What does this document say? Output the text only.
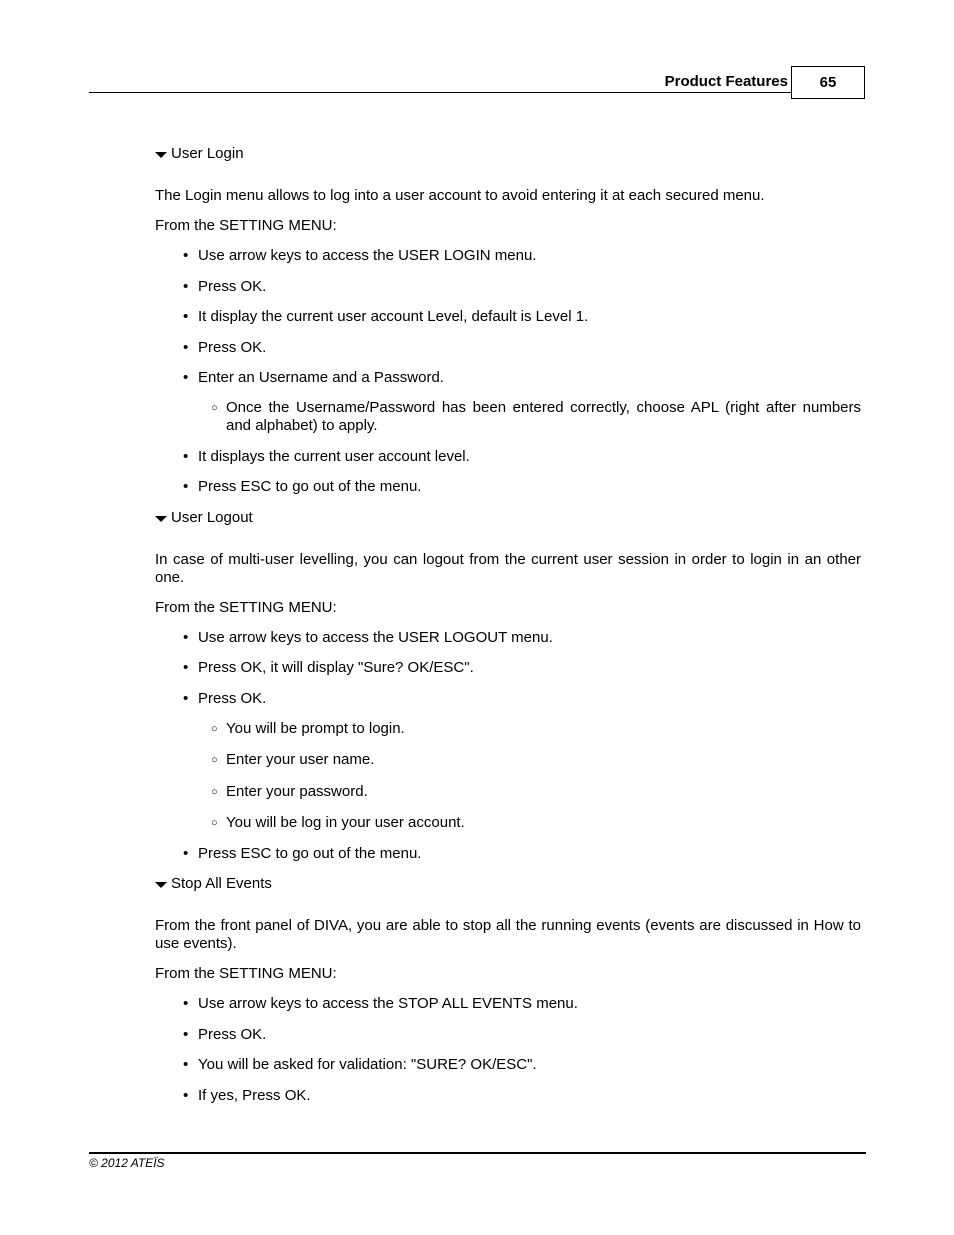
Product Features 65
User Login

The Login menu allows to log into a user account to avoid entering it at each secured menu.

From the SETTING MENU:

• Use arrow keys to access the USER LOGIN menu.
• Press OK.
• It display the current user account Level, default is Level 1.
• Press OK.
• Enter an Username and a Password.
○ Once the Username/Password has been entered correctly, choose APL (right after numbers and alphabet) to apply.
• It displays the current user account level.
• Press ESC to go out of the menu.
User Logout

In case of multi-user levelling, you can logout from the current user session in order to login in an other one.

From the SETTING MENU:

• Use arrow keys to access the USER LOGOUT menu.
• Press OK, it will display "Sure? OK/ESC".
• Press OK.
○ You will be prompt to login.
○ Enter your user name.
○ Enter your password.
○ You will be log in your user account.
• Press ESC to go out of the menu.
Stop All Events

From the front panel of DIVA, you are able to stop all the running events (events are discussed in How to use events).

From the SETTING MENU:

• Use arrow keys to access the STOP ALL EVENTS menu.
• Press OK.
• You will be asked for validation: "SURE? OK/ESC".
• If yes, Press OK.
© 2012 ATEÏS
